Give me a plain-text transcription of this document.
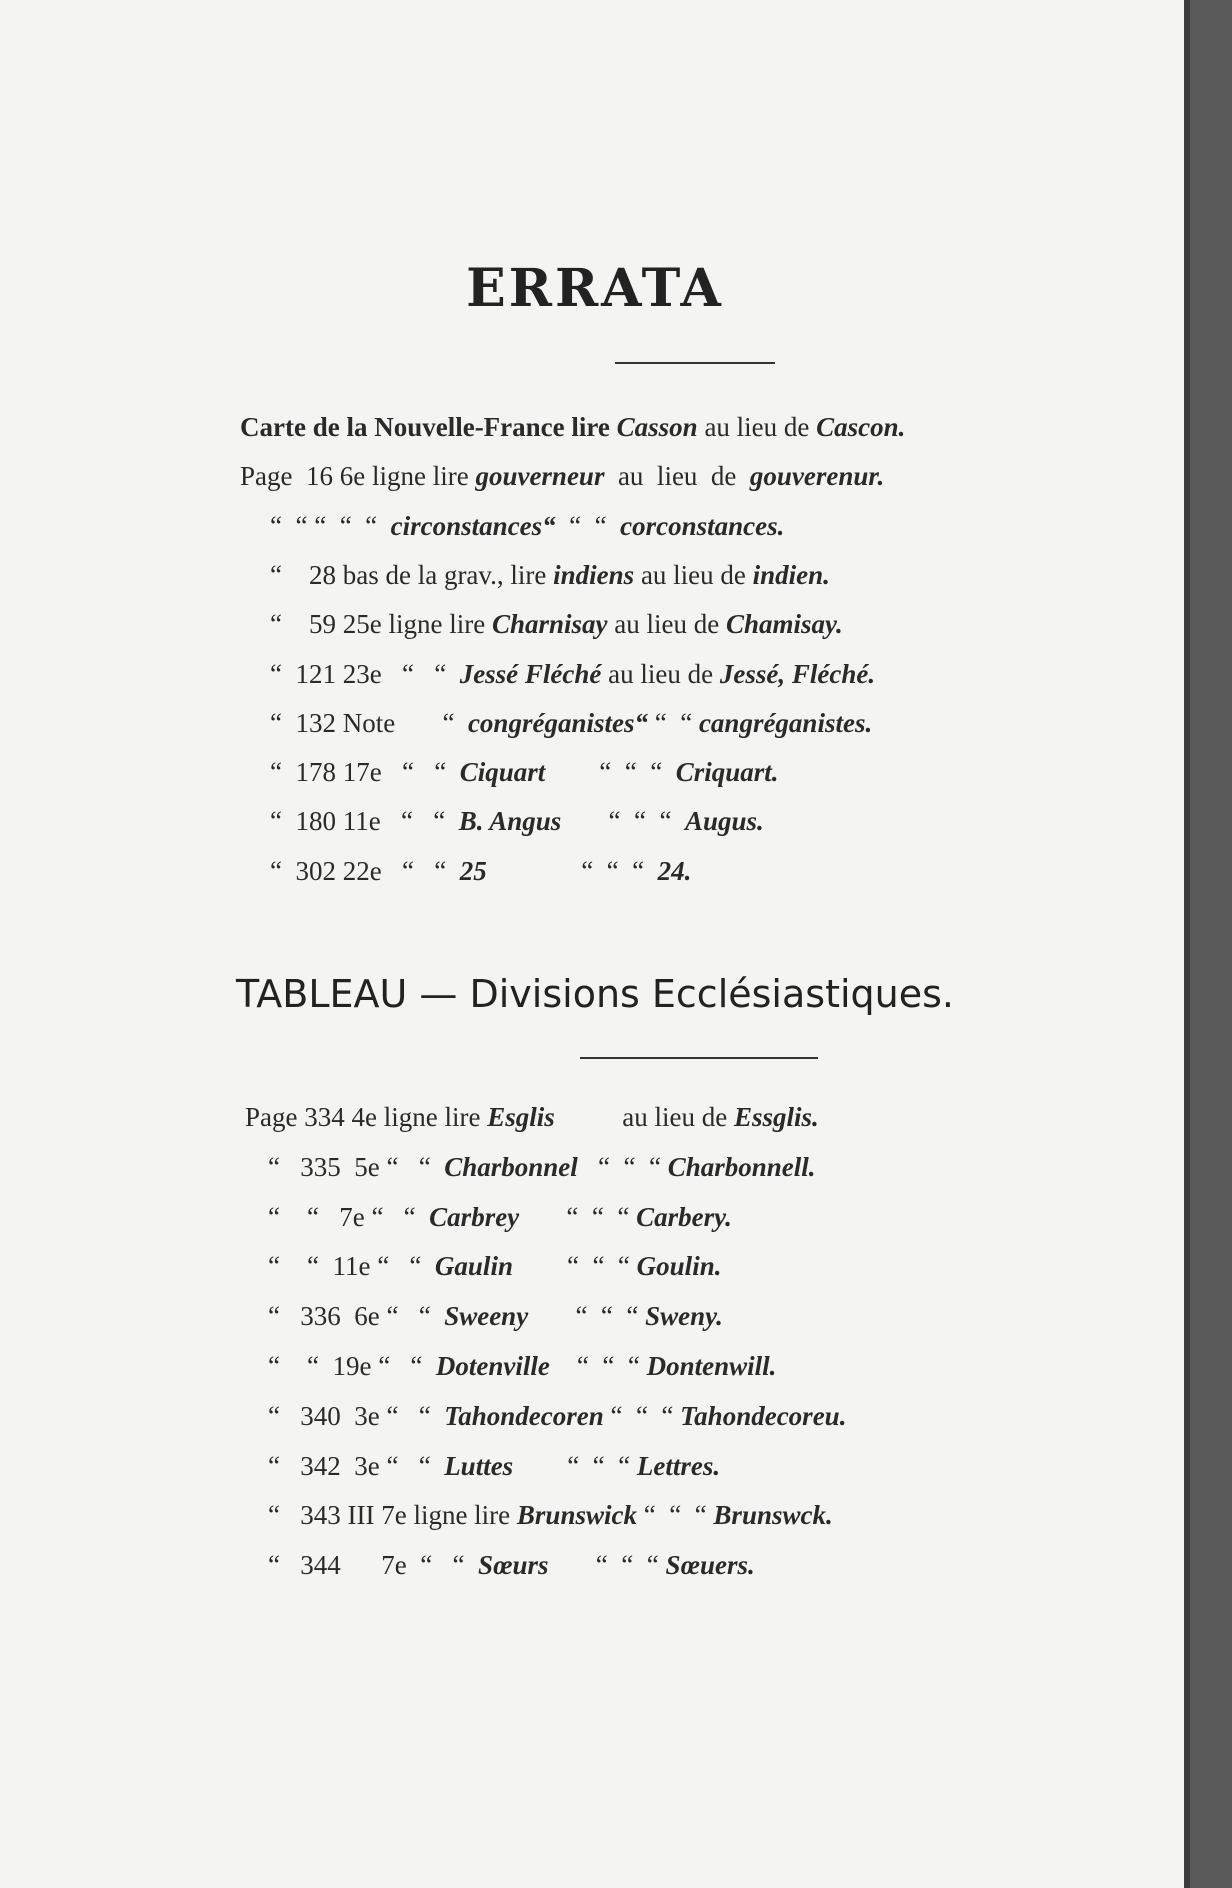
ERRATA
Carte de la Nouvelle-France lire Casson au lieu de Cascon.
Page  16 6e ligne lire gouverneur  au  lieu  de  gouverenur.
“  “ “  “  “  circonstances“  “  “  corconstances.
“    28 bas de la grav., lire indiens au lieu de indien.
“    59 25e ligne lire Charnisay au lieu de Chamisay.
“  121 23e   “   “  Jessé Fléché au lieu de Jessé, Fléché.
“  132 Note       “  congréganistes“ “  “ cangréganistes.
“  178 17e   “   “  Ciquart        “  “  “  Criquart.
“  180 11e   “   “  B. Angus       “  “  “  Augus.
“  302 22e   “   “  25              “  “  “  24.
TABLEAU — Divisions Ecclésiastiques.
Page 334 4e ligne lire Esglis          au lieu de Essglis.
“   335  5e “   “  Charbonnel   “  “  “ Charbonnell.
“    “   7e “   “  Carbrey       “  “  “ Carbery.
“    “  11e “   “  Gaulin        “  “  “ Goulin.
“   336  6e “   “  Sweeny       “  “  “ Sweny.
“    “  19e “   “  Dotenville    “  “  “ Dontenwill.
“   340  3e “   “  Tahondecoren “  “  “ Tahondecoreu.
“   342  3e “   “  Luttes        “  “  “ Lettres.
“   343 III 7e ligne lire Brunswick “  “  “ Brunswck.
“   344      7e  “   “  Sœurs       “  “  “ Sœuers.
